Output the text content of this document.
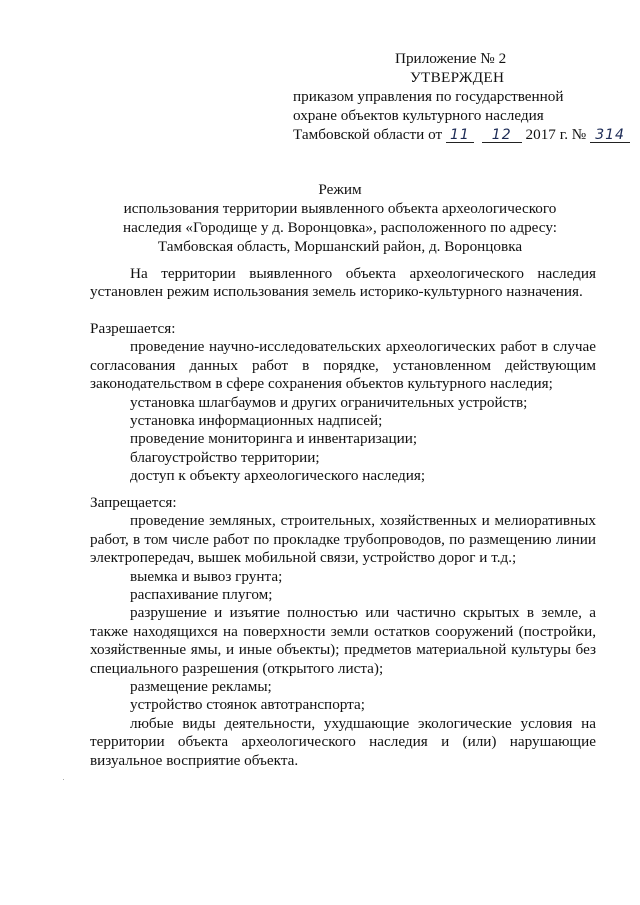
Приложение № 2
УТВЕРЖДЕН
приказом управления по государственной
охране объектов культурного наследия
Тамбовской области от 11 12 2017 г. № 314
Режим
использования территории выявленного объекта археологического
наследия «Городище у д. Воронцовка», расположенного по адресу:
Тамбовская область, Моршанский район, д. Воронцовка

На территории выявленного объекта археологического наследия установлен режим использования земель историко-культурного назначения.

Разрешается:

проведение научно-исследовательских археологических работ в случае согласования данных работ в порядке, установленном действующим законодательством в сфере сохранения объектов культурного наследия;

установка шлагбаумов и других ограничительных устройств;

установка информационных надписей;

проведение мониторинга и инвентаризации;

благоустройство территории;

доступ к объекту археологического наследия;

Запрещается:

проведение земляных, строительных, хозяйственных и мелиоративных работ, в том числе работ по прокладке трубопроводов, по размещению линии электропередач, вышек мобильной связи, устройство дорог и т.д.;

выемка и вывоз грунта;

распахивание плугом;

разрушение и изъятие полностью или частично скрытых в земле, а также находящихся на поверхности земли остатков сооружений (постройки, хозяйственные ямы, и иные объекты); предметов материальной культуры без специального разрешения (открытого листа);

размещение рекламы;

устройство стоянок автотранспорта;

любые виды деятельности, ухудшающие экологические условия на территории объекта археологического наследия и (или) нарушающие визуальное восприятие объекта.
